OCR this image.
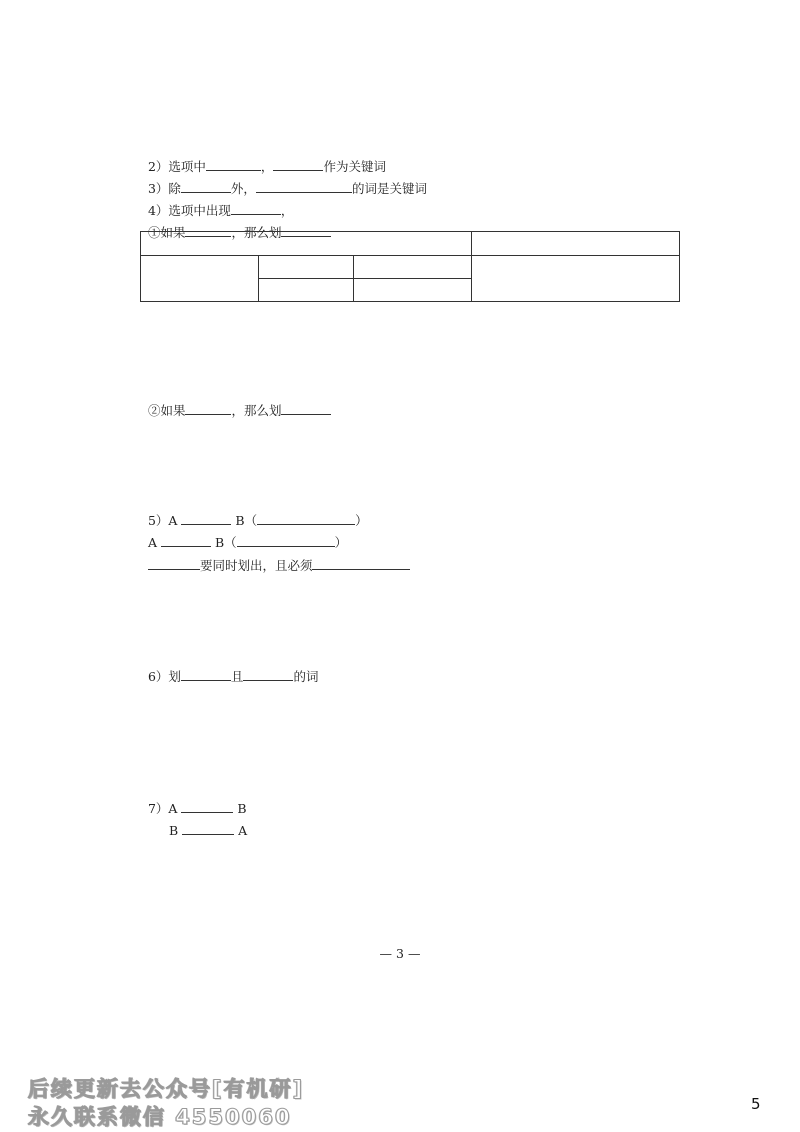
2）选项中	，	作为关键词

3）除	外，	的词是关键词

4）选项中出现	，

①如果	，那么划

②如果	，那么划

5）A	B（	）

A	B（	）

要同时划出，且必须

6）划	且	的词

7）A	B

B	A

— 3 —
后续更新去公众号[有机研]
永久联系微信 4550060
5
